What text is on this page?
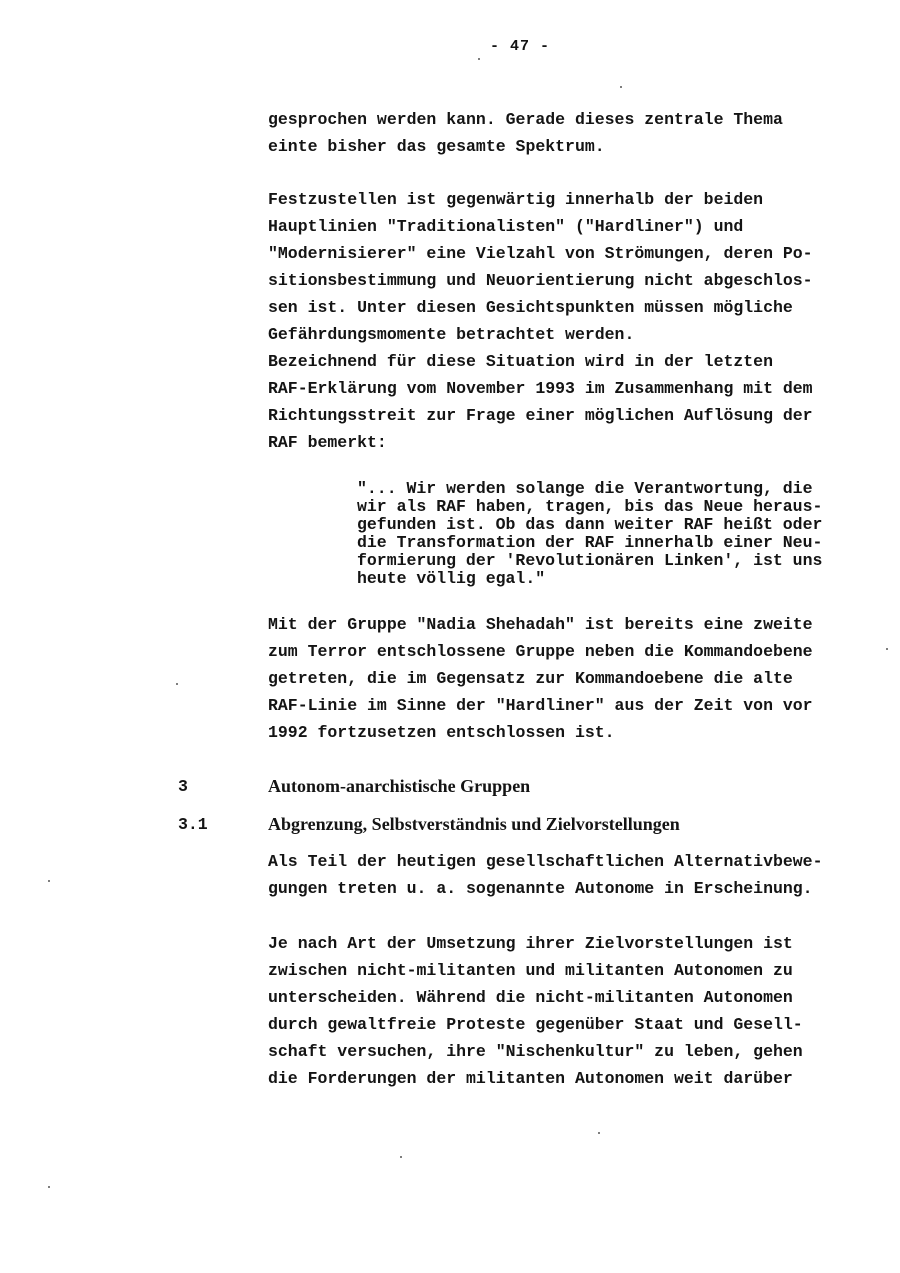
- 47 -

gesprochen werden kann. Gerade dieses zentrale Thema
einte bisher das gesamte Spektrum.

Festzustellen ist gegenwärtig innerhalb der beiden
Hauptlinien "Traditionalisten" ("Hardliner") und
"Modernisierer" eine Vielzahl von Strömungen, deren Po-
sitionsbestimmung und Neuorientierung nicht abgeschlos-
sen ist. Unter diesen Gesichtspunkten müssen mögliche
Gefährdungsmomente betrachtet werden.
Bezeichnend für diese Situation wird in der letzten
RAF-Erklärung vom November 1993 im Zusammenhang mit dem
Richtungsstreit zur Frage einer möglichen Auflösung der
RAF bemerkt:

"... Wir werden solange die Verantwortung, die
wir als RAF haben, tragen, bis das Neue heraus-
gefunden ist. Ob das dann weiter RAF heißt oder
die Transformation der RAF innerhalb einer Neu-
formierung der 'Revolutionären Linken', ist uns
heute völlig egal."

Mit der Gruppe "Nadia Shehadah" ist bereits eine zweite
zum Terror entschlossene Gruppe neben die Kommandoebene
getreten, die im Gegensatz zur Kommandoebene die alte
RAF-Linie im Sinne der "Hardliner" aus der Zeit von vor
1992 fortzusetzen entschlossen ist.

3	Autonom-anarchistische Gruppen
3.1	Abgrenzung, Selbstverständnis und Zielvorstellungen

Als Teil der heutigen gesellschaftlichen Alternativbewe-
gungen treten u. a. sogenannte Autonome in Erscheinung.

Je nach Art der Umsetzung ihrer Zielvorstellungen ist
zwischen nicht-militanten und militanten Autonomen zu
unterscheiden. Während die nicht-militanten Autonomen
durch gewaltfreie Proteste gegenüber Staat und Gesell-
schaft versuchen, ihre "Nischenkultur" zu leben, gehen
die Forderungen der militanten Autonomen weit darüber
